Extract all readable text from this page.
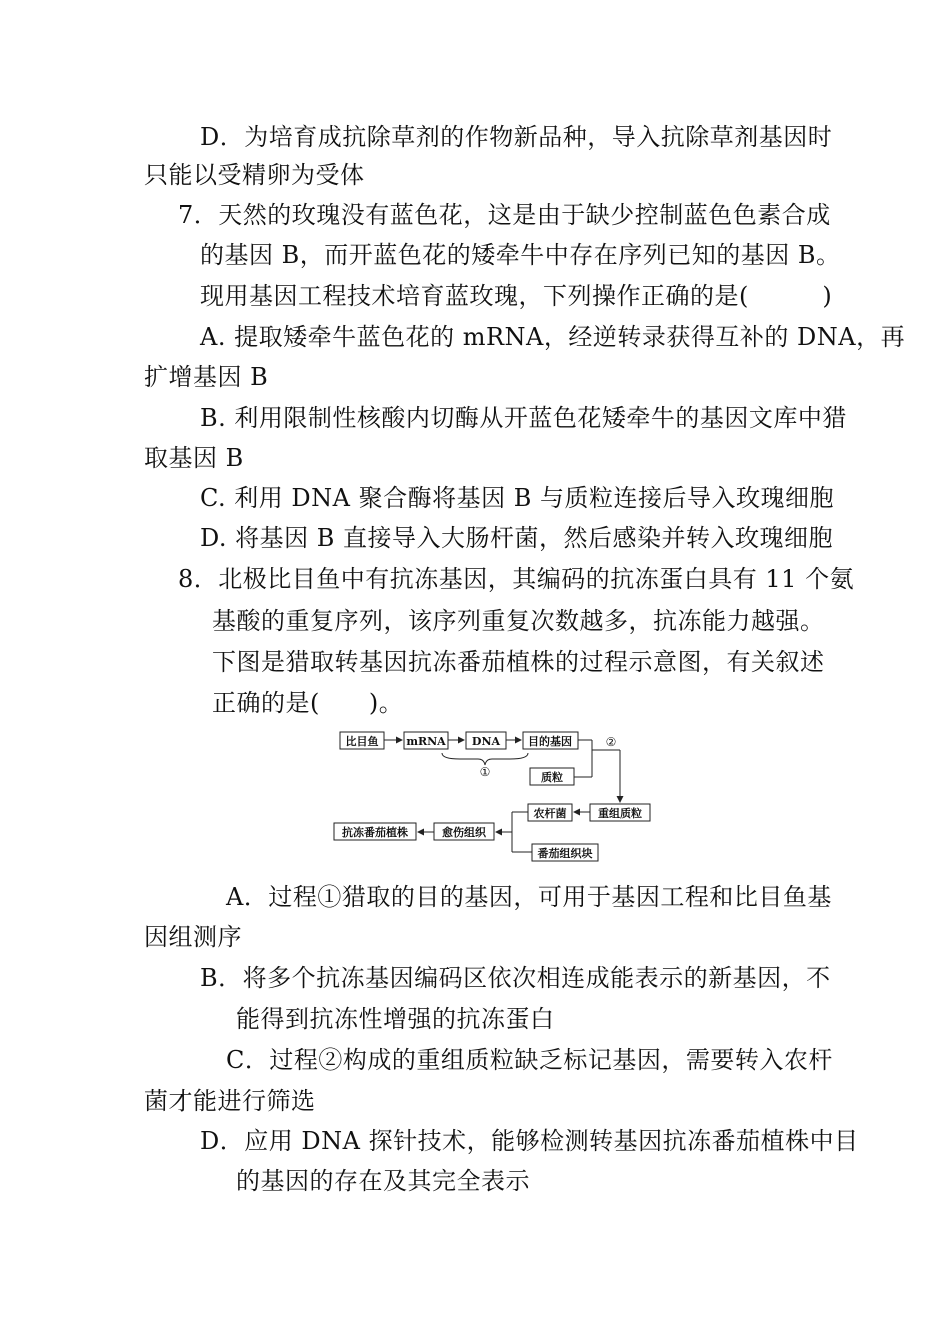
D．为培育成抗除草剂的作物新品种，导入抗除草剂基因时
只能以受精卵为受体
7．天然的玫瑰没有蓝色花，这是由于缺少控制蓝色色素合成
的基因 B，而开蓝色花的矮牵牛中存在序列已知的基因 B。
现用基因工程技术培育蓝玫瑰，下列操作正确的是(　　　)
A. 提取矮牵牛蓝色花的 mRNA，经逆转录获得互补的 DNA，再
扩增基因 B
B. 利用限制性核酸内切酶从开蓝色花矮牵牛的基因文库中猎
取基因 B
C. 利用 DNA 聚合酶将基因 B 与质粒连接后导入玫瑰细胞
D. 将基因 B 直接导入大肠杆菌，然后感染并转入玫瑰细胞
8．北极比目鱼中有抗冻基因，其编码的抗冻蛋白具有 11 个氨
基酸的重复序列，该序列重复次数越多，抗冻能力越强。
下图是猎取转基因抗冻番茄植株的过程示意图，有关叙述
正确的是(　　)。
比目鱼	mRNA DNA	目的基因
①	质粒
②
重组质粒
农杆菌
番茄组织块
愈伤组织
抗冻番茄植株
A．过程①猎取的目的基因，可用于基因工程和比目鱼基
因组测序
B．将多个抗冻基因编码区依次相连成能表示的新基因，不
能得到抗冻性增强的抗冻蛋白
C．过程②构成的重组质粒缺乏标记基因，需要转入农杆
菌才能进行筛选
D．应用 DNA 探针技术，能够检测转基因抗冻番茄植株中目
的基因的存在及其完全表示
